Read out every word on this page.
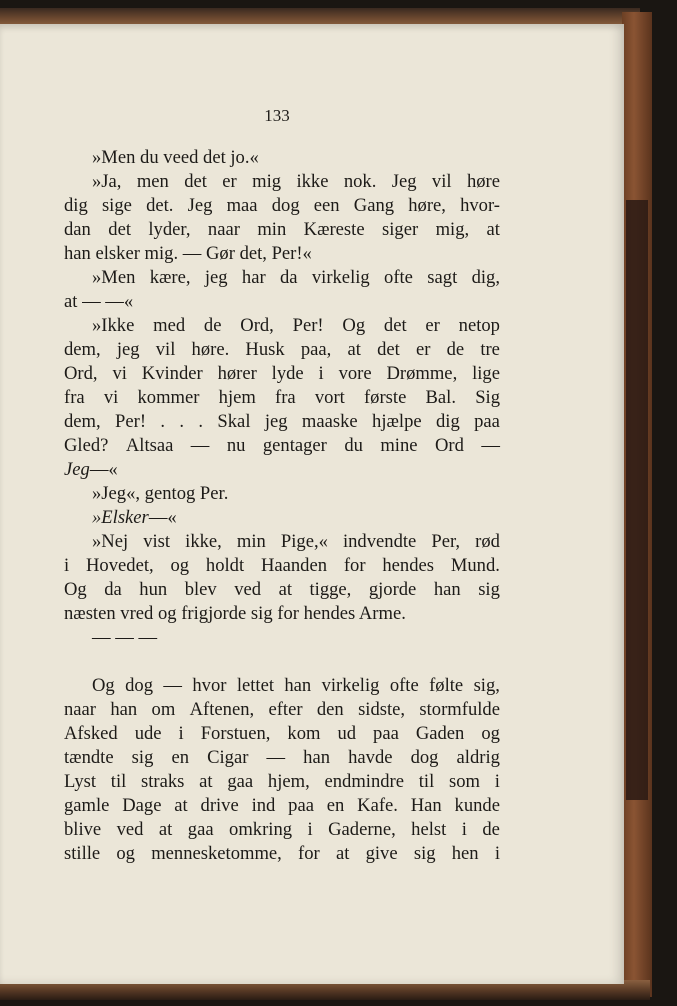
133
»Men du veed det jo.«
»Ja, men det er mig ikke nok. Jeg vil høre
dig sige det. Jeg maa dog een Gang høre, hvor-
dan det lyder, naar min Kæreste siger mig, at
han elsker mig. — Gør det, Per!«
»Men kære, jeg har da virkelig ofte sagt dig,
at — —«
»Ikke med de Ord, Per! Og det er netop
dem, jeg vil høre. Husk paa, at det er de tre
Ord, vi Kvinder hører lyde i vore Drømme, lige
fra vi kommer hjem fra vort første Bal. Sig
dem, Per! . . . Skal jeg maaske hjælpe dig paa
Gled? Altsaa — nu gentager du mine Ord —
Jeg —«
»Jeg«, gentog Per.
»Elsker —«
»Nej vist ikke, min Pige,« indvendte Per, rød
i Hovedet, og holdt Haanden for hendes Mund.
Og da hun blev ved at tigge, gjorde han sig
næsten vred og frigjorde sig for hendes Arme.
— — —
Og dog — hvor lettet han virkelig ofte følte sig,
naar han om Aftenen, efter den sidste, stormfulde
Afsked ude i Forstuen, kom ud paa Gaden og
tændte sig en Cigar — han havde dog aldrig
Lyst til straks at gaa hjem, endmindre til som i
gamle Dage at drive ind paa en Kafe. Han kunde
blive ved at gaa omkring i Gaderne, helst i de
stille og mennesketomme, for at give sig hen i
